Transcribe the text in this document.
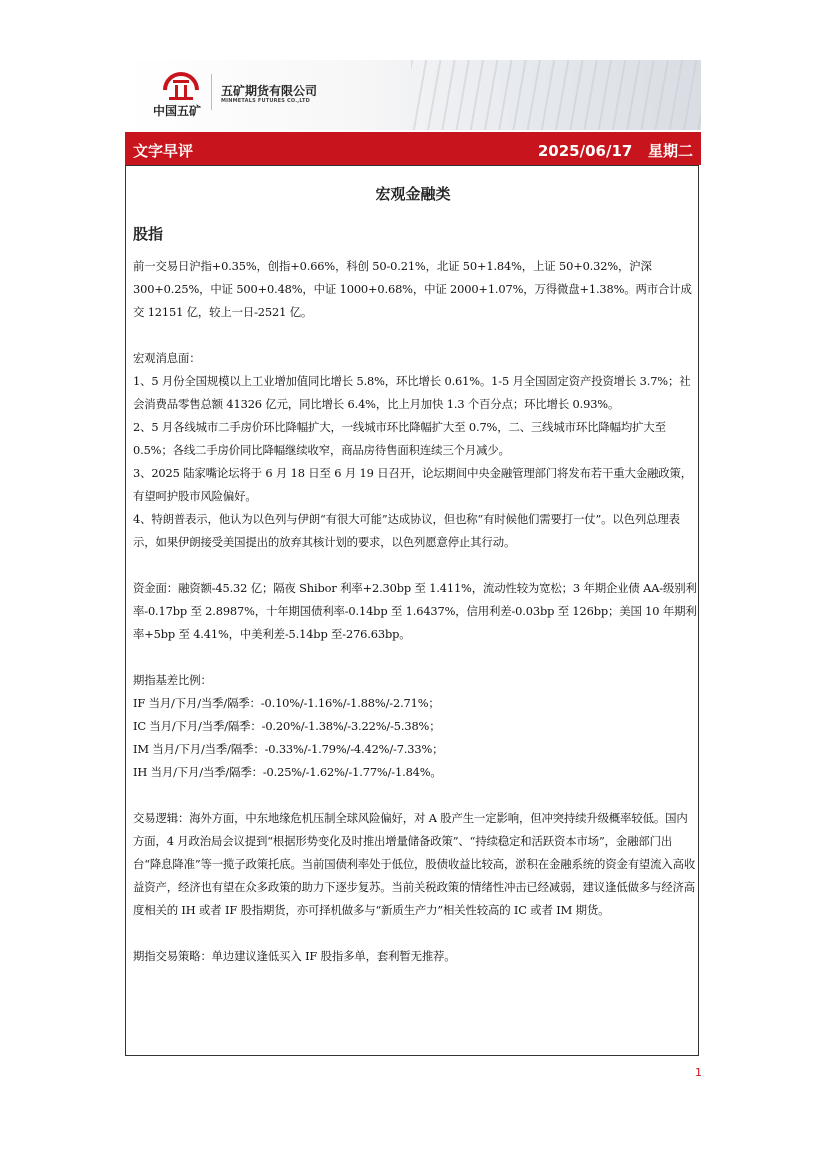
中国五矿
五矿期货有限公司
MINMETALS FUTURES CO.,LTD
文字早评	2025/06/17   星期二
宏观金融类
股指

前一交易日沪指+0.35%，创指+0.66%，科创 50-0.21%，北证 50+1.84%，上证 50+0.32%，沪深 300+0.25%，中证 500+0.48%，中证 1000+0.68%，中证 2000+1.07%，万得微盘+1.38%。两市合计成交 12151 亿，较上一日-2521 亿。

宏观消息面：

1、5 月份全国规模以上工业增加值同比增长 5.8%，环比增长 0.61%。1-5 月全国固定资产投资增长 3.7%；社会消费品零售总额 41326 亿元，同比增长 6.4%，比上月加快 1.3 个百分点；环比增长 0.93%。

2、5 月各线城市二手房价环比降幅扩大，一线城市环比降幅扩大至 0.7%，二、三线城市环比降幅均扩大至 0.5%；各线二手房价同比降幅继续收窄，商品房待售面积连续三个月减少。

3、2025 陆家嘴论坛将于 6 月 18 日至 6 月 19 日召开，论坛期间中央金融管理部门将发布若干重大金融政策，有望呵护股市风险偏好。

4、特朗普表示，他认为以色列与伊朗“有很大可能”达成协议，但也称“有时候他们需要打一仗”。以色列总理表示，如果伊朗接受美国提出的放弃其核计划的要求，以色列愿意停止其行动。

资金面：融资额-45.32 亿；隔夜 Shibor 利率+2.30bp 至 1.411%，流动性较为宽松；3 年期企业债 AA-级别利率-0.17bp 至 2.8987%，十年期国债利率-0.14bp 至 1.6437%，信用利差-0.03bp 至 126bp；美国 10 年期利率+5bp 至 4.41%，中美利差-5.14bp 至-276.63bp。

期指基差比例：

IF 当月/下月/当季/隔季：-0.10%/-1.16%/-1.88%/-2.71%；

IC 当月/下月/当季/隔季：-0.20%/-1.38%/-3.22%/-5.38%；

IM 当月/下月/当季/隔季：-0.33%/-1.79%/-4.42%/-7.33%；

IH 当月/下月/当季/隔季：-0.25%/-1.62%/-1.77%/-1.84%。

交易逻辑：海外方面，中东地缘危机压制全球风险偏好，对 A 股产生一定影响，但冲突持续升级概率较低。国内方面，4 月政治局会议提到“根据形势变化及时推出增量储备政策”、“持续稳定和活跃资本市场”，金融部门出台“降息降准”等一揽子政策托底。当前国债利率处于低位，股债收益比较高，淤积在金融系统的资金有望流入高收益资产，经济也有望在众多政策的助力下逐步复苏。当前关税政策的情绪性冲击已经减弱，建议逢低做多与经济高度相关的 IH 或者 IF 股指期货，亦可择机做多与“新质生产力”相关性较高的 IC 或者 IM 期货。

期指交易策略：单边建议逢低买入 IF 股指多单，套利暂无推荐。

1
